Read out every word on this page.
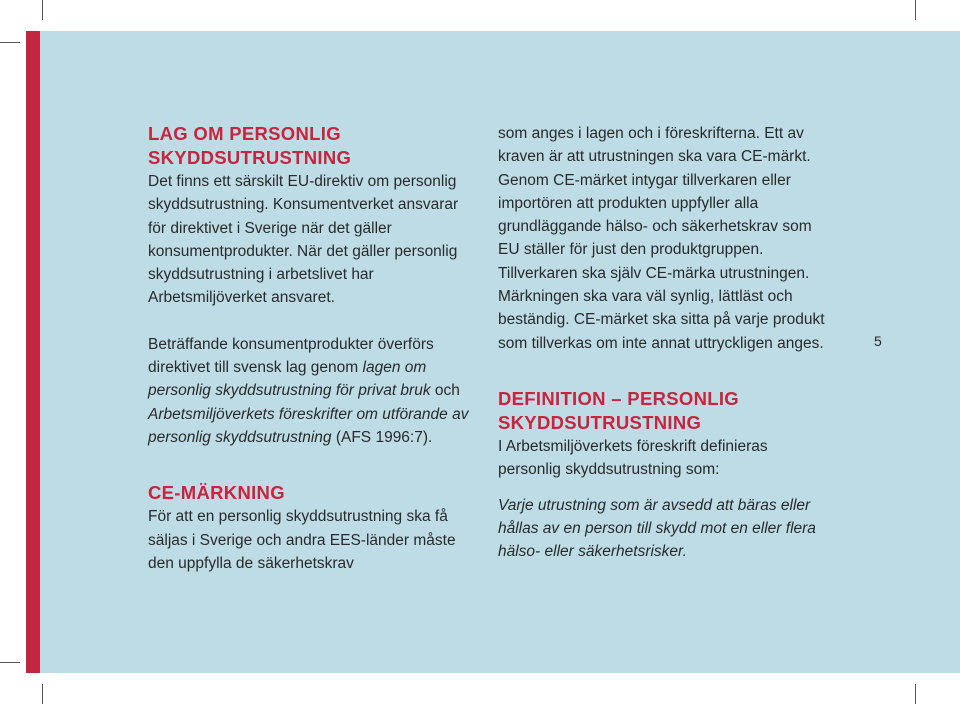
LAG OM PERSONLIG
SKYDDSUTRUSTNING

Det finns ett särskilt EU-direktiv om personlig skyddsutrustning. Konsumentverket ansvarar för direktivet i Sverige när det gäller konsumentprodukter. När det gäller personlig skyddsutrustning i arbetslivet har Arbetsmiljöverket ansvaret.

Beträffande konsumentprodukter överförs direktivet till svensk lag genom lagen om personlig skyddsutrustning för privat bruk och Arbetsmiljöverkets föreskrifter om utförande av personlig skyddsutrustning (AFS 1996:7).

CE-MÄRKNING

För att en personlig skyddsutrustning ska få säljas i Sverige och andra EES-länder måste den uppfylla de säkerhetskrav

som anges i lagen och i föreskrifterna. Ett av kraven är att utrustningen ska vara CE-märkt. Genom CE-märket intygar tillverkaren eller importören att produkten uppfyller alla grundläggande hälso- och säkerhetskrav som EU ställer för just den produktgruppen. Tillverkaren ska själv CE-märka utrustningen. Märkningen ska vara väl synlig, lättläst och beständig. CE-märket ska sitta på varje produkt som tillverkas om inte annat uttryckligen anges.

DEFINITION – PERSONLIG
SKYDDSUTRUSTNING

I Arbetsmiljöverkets föreskrift definieras personlig skyddsutrustning som:

Varje utrustning som är avsedd att bäras eller hållas av en person till skydd mot en eller flera hälso- eller säkerhetsrisker.

5
